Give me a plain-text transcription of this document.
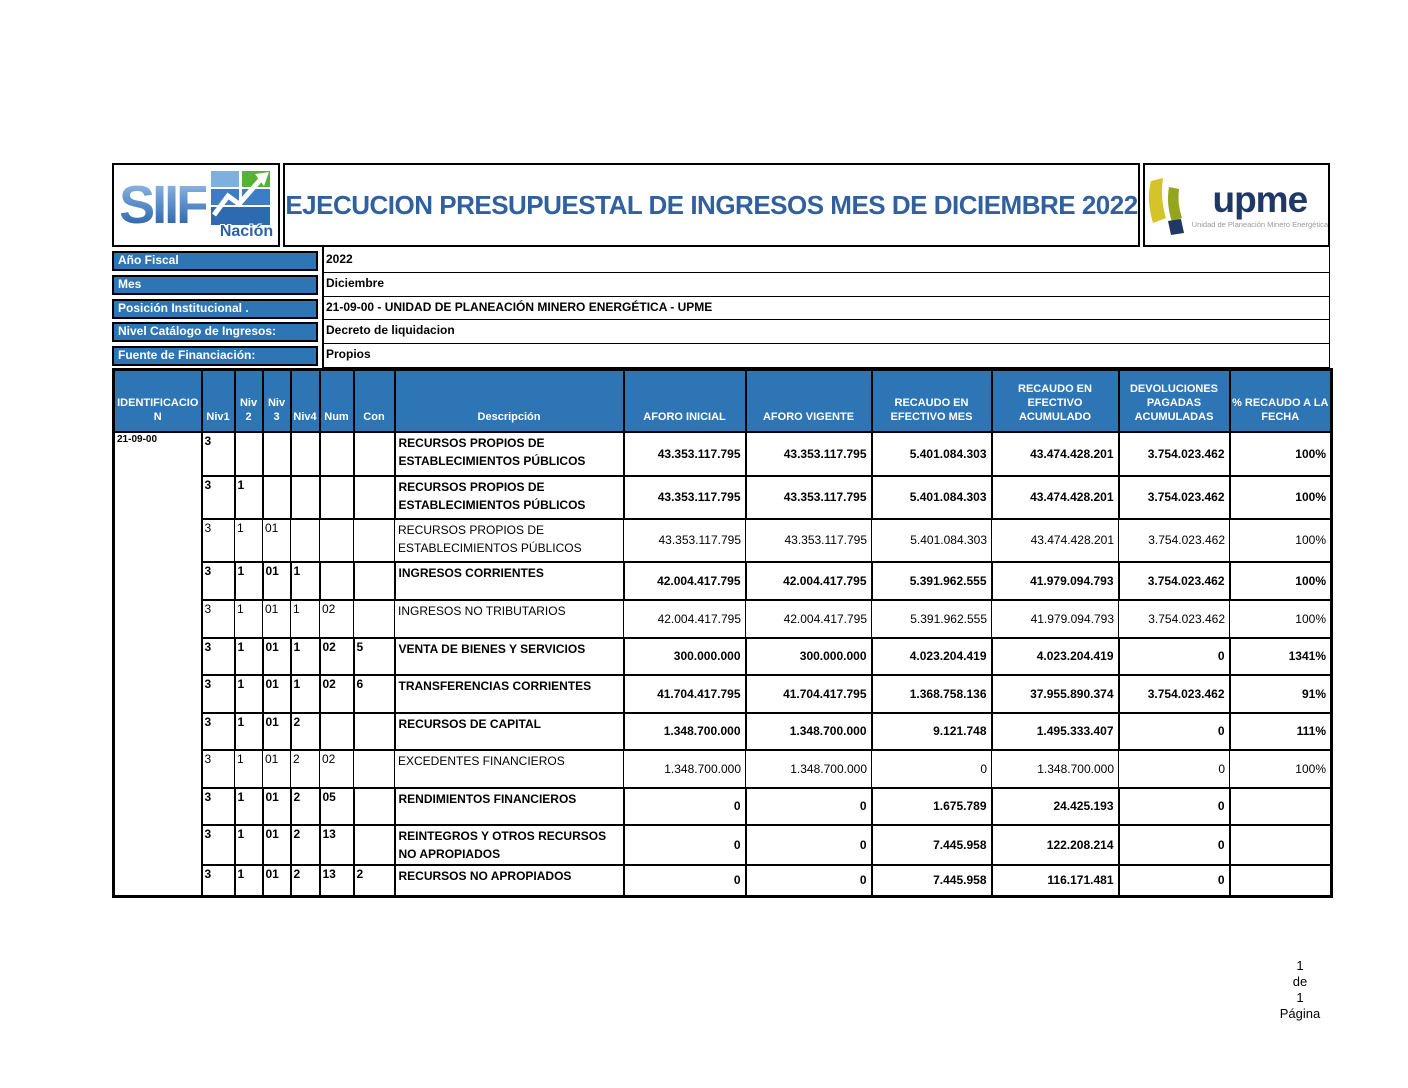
SIIF Nación
EJECUCION PRESUPUESTAL DE INGRESOS MES DE DICIEMBRE 2022 upme
Unidad de Planeación Minero Energética
Año Fiscal	2022
Mes	Diciembre
Posición Institucional .	21-09-00 - UNIDAD DE PLANEACIÓN MINERO ENERGÉTICA - UPME
Nivel Catálogo de Ingresos:	Decreto de liquidacion
Fuente de Financiación:	Propios
IDENTIFICACION	Niv1	Niv 2	Niv 3	Niv4	Num	Con	Descripción	AFORO INICIAL	AFORO VIGENTE	RECAUDO EN EFECTIVO MES	RECAUDO EN EFECTIVO ACUMULADO	DEVOLUCIONES PAGADAS ACUMULADAS	% RECAUDO A LA FECHA
21-09-00	3						RECURSOS PROPIOS DE ESTABLECIMIENTOS PÚBLICOS	43.353.117.795	43.353.117.795	5.401.084.303	43.474.428.201	3.754.023.462	100%
	3	1					RECURSOS PROPIOS DE ESTABLECIMIENTOS PÚBLICOS	43.353.117.795	43.353.117.795	5.401.084.303	43.474.428.201	3.754.023.462	100%
	3	1	01				RECURSOS PROPIOS DE ESTABLECIMIENTOS PÚBLICOS	43.353.117.795	43.353.117.795	5.401.084.303	43.474.428.201	3.754.023.462	100%
	3	1	01	1			INGRESOS CORRIENTES	42.004.417.795	42.004.417.795	5.391.962.555	41.979.094.793	3.754.023.462	100%
	3	1	01	1	02		INGRESOS NO TRIBUTARIOS	42.004.417.795	42.004.417.795	5.391.962.555	41.979.094.793	3.754.023.462	100%
	3	1	01	1	02	5	VENTA DE BIENES Y SERVICIOS	300.000.000	300.000.000	4.023.204.419	4.023.204.419	0	1341%
	3	1	01	1	02	6	TRANSFERENCIAS CORRIENTES	41.704.417.795	41.704.417.795	1.368.758.136	37.955.890.374	3.754.023.462	91%
	3	1	01	2			RECURSOS DE CAPITAL	1.348.700.000	1.348.700.000	9.121.748	1.495.333.407	0	111%
	3	1	01	2	02		EXCEDENTES FINANCIEROS	1.348.700.000	1.348.700.000	0	1.348.700.000	0	100%
	3	1	01	2	05		RENDIMIENTOS FINANCIEROS	0	0	1.675.789	24.425.193	0	
	3	1	01	2	13		REINTEGROS Y OTROS RECURSOS NO APROPIADOS	0	0	7.445.958	122.208.214	0	
	3	1	01	2	13	2	RECURSOS NO APROPIADOS	0	0	7.445.958	116.171.481	0	
1
de
1
Página
